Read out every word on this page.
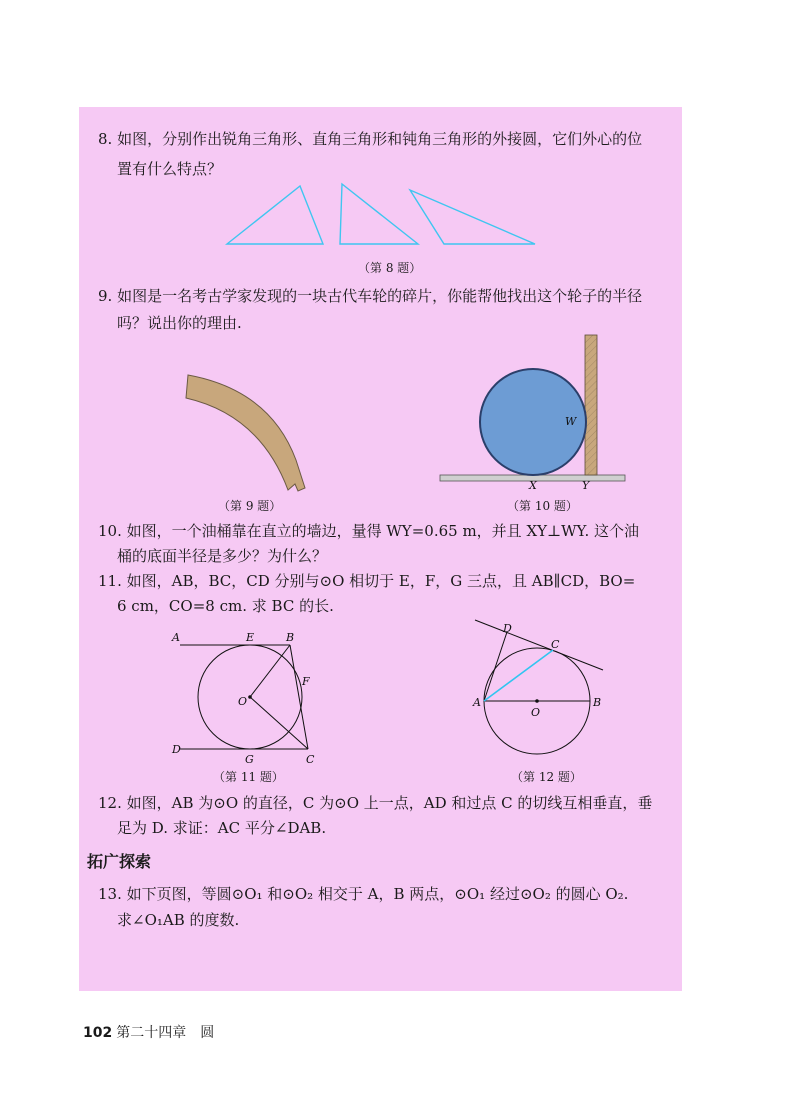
8. 如图，分别作出锐角三角形、直角三角形和钝角三角形的外接圆，它们外心的位
置有什么特点？
（第 8 题）
9. 如图是一名考古学家发现的一块古代车轮的碎片，你能帮他找出这个轮子的半径
吗？说出你的理由.
（第 9 题）
W
X	Y
（第 10 题）
10. 如图，一个油桶靠在直立的墙边，量得 WY=0.65 m，并且 XY⊥WY. 这个油
桶的底面半径是多少？为什么？
11. 如图，AB，BC，CD 分别与⊙O 相切于 E，F，G 三点，且 AB∥CD，BO=
6 cm，CO=8 cm. 求 BC 的长.
A	E	B
O
F
D
G	C
（第 11 题）
D
C
A
O
B
（第 12 题）
12. 如图，AB 为⊙O 的直径，C 为⊙O 上一点，AD 和过点 C 的切线互相垂直，垂
足为 D. 求证：AC 平分∠DAB.
拓广探索
13. 如下页图，等圆⊙O₁ 和⊙O₂ 相交于 A，B 两点，⊙O₁ 经过⊙O₂ 的圆心 O₂.
求∠O₁AB 的度数.
102 第二十四章　圆
